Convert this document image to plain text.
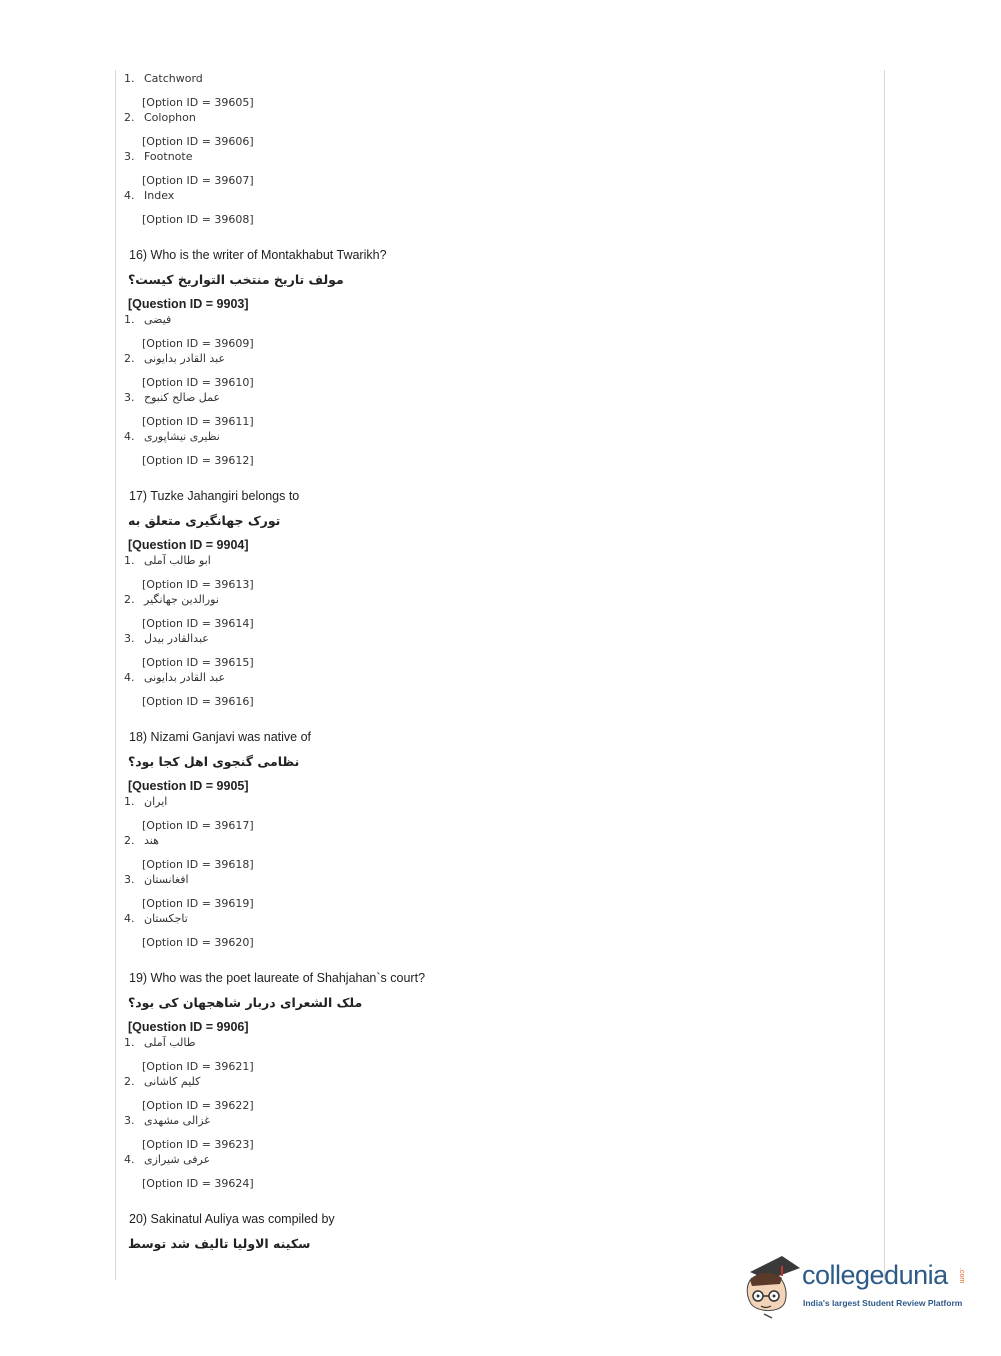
1. Catchword
[Option ID = 39605]
2. Colophon
[Option ID = 39606]
3. Footnote
[Option ID = 39607]
4. Index
[Option ID = 39608]
16) Who is the writer of Montakhabut Twarikh?
مولف تاریخ منتخب التواریخ کیست؟
[Question ID = 9903]
1. فیضی
[Option ID = 39609]
2. عبد القادر بدایونی
[Option ID = 39610]
3. عمل صالح کنبوح
[Option ID = 39611]
4. نظیری نیشاپوری
[Option ID = 39612]
17) Tuzke Jahangiri belongs to
تورک جهانگیری متعلق به
[Question ID = 9904]
1. ابو طالب آملی
[Option ID = 39613]
2. نورالدین جهانگیر
[Option ID = 39614]
3. عبدالقادر بیدل
[Option ID = 39615]
4. عبد القادر بدایونی
[Option ID = 39616]
18) Nizami Ganjavi was native of
نظامی گنجوی اهل کجا بود؟
[Question ID = 9905]
1. ایران
[Option ID = 39617]
2. هند
[Option ID = 39618]
3. افغانستان
[Option ID = 39619]
4. تاجکستان
[Option ID = 39620]
19) Who was the poet laureate of Shahjahan`s court?
ملک الشعرای دربار شاهجهان کی بود؟
[Question ID = 9906]
1. طالب آملی
[Option ID = 39621]
2. کلیم کاشانی
[Option ID = 39622]
3. غزالی مشهدی
[Option ID = 39623]
4. عرفی شیرازی
[Option ID = 39624]
20) Sakinatul Auliya was compiled by
سکینه الاولیا تالیف شد توسط
collegedunia .com
India's largest Student Review Platform
